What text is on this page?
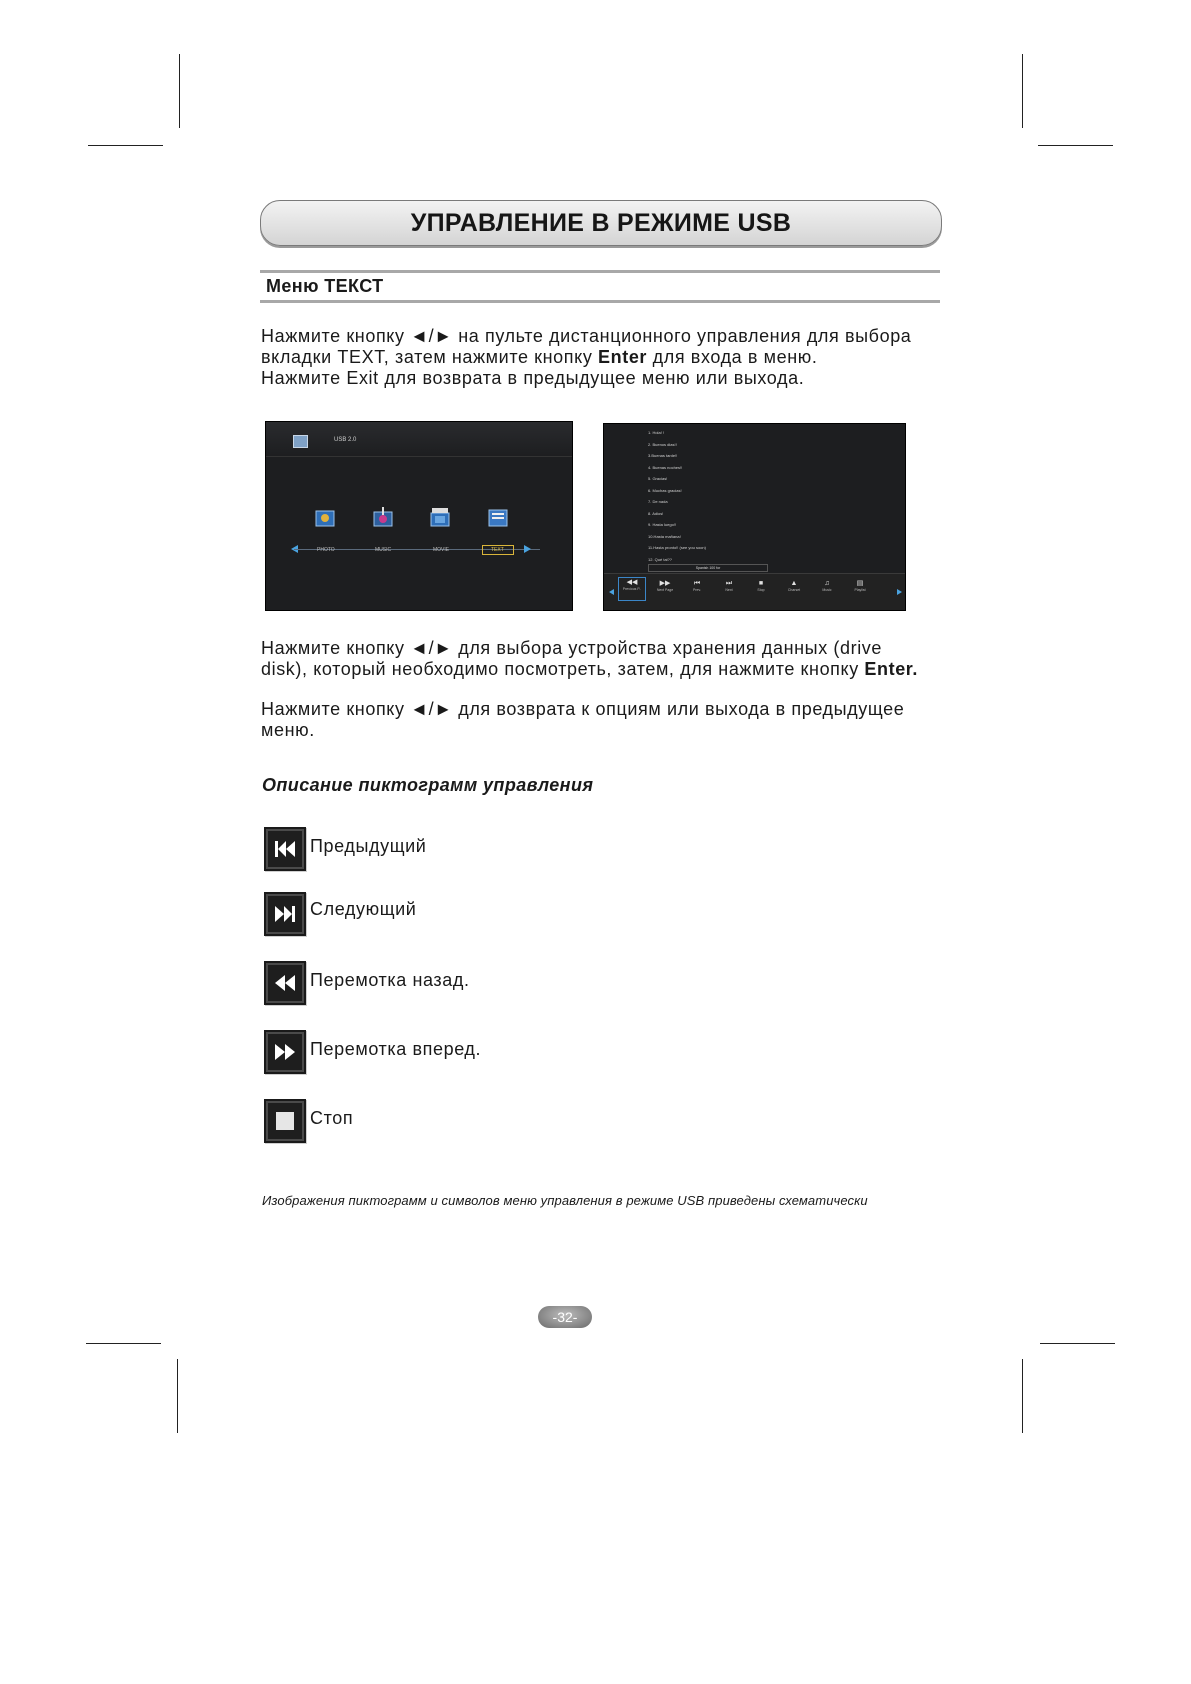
УПРАВЛЕНИЕ В РЕЖИМЕ USB
Меню ТЕКСТ
Нажмите кнопку ◄/► на пульте дистанционного управления для выбора
вкладки TEXT, затем нажмите кнопку Enter для входа в меню.
Нажмите Exit для возврата в предыдущее меню или выхода.
USB 2.0
PHOTO	MUSIC	MOVIE	TEXT
1. Hola! !
2. Buenos dias!!
3.Buenas tarde!!
4. Buenas noches!!
5. Gracias!
6. Muchas gracias!
7. De nada
8. Adios!
9. Hasta luego!!
10.Hasta mañana!
11.Hasta pronto!! (see you soon)
12. Qué tal??
Spanish 100 for
◀◀
Previous P..
▶▶
Next Page
⏮
Prev.
⏭
Next
■
Stop
▲
Charset
♫
Music
▤
Playlist
Нажмите кнопку ◄/► для выбора устройства хранения данных (drive
disk), который необходимо посмотреть, затем, для нажмите кнопку Enter.
Нажмите кнопку ◄/► для возврата к опциям или выхода в предыдущее
меню.
Описание пиктограмм управления
Предыдущий
Следующий
Перемотка назад.
Перемотка вперед.
Стоп
Изображения пиктограмм и символов меню управления в режиме USB приведены схематически
-32-
